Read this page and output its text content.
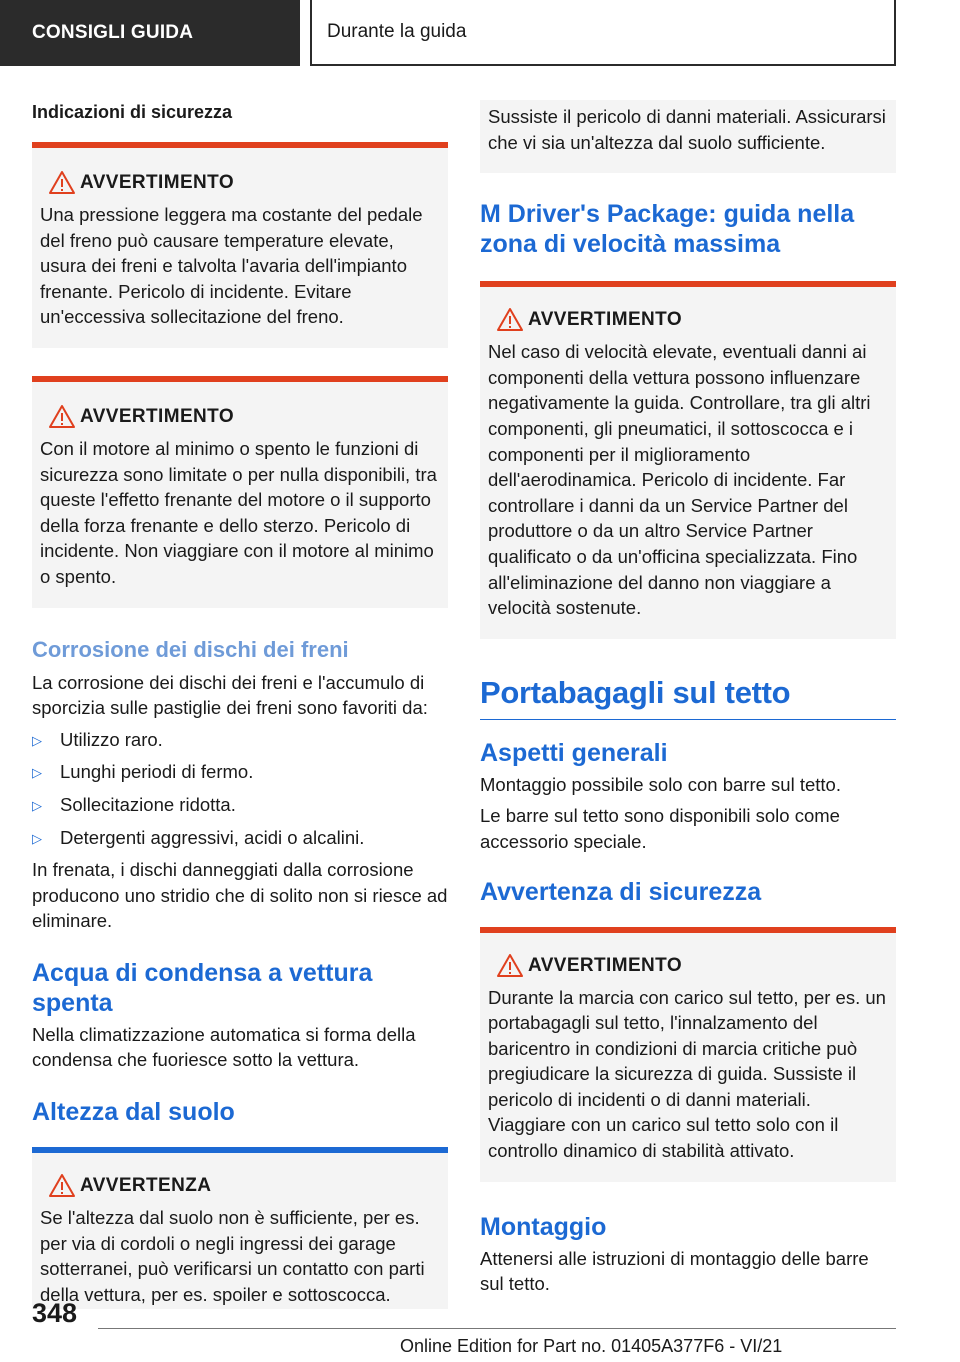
CONSIGLI GUIDA	Durante la guida
Indicazioni di sicurezza
AVVERTIMENTO

Una pressione leggera ma costante del pedale del freno può causare temperature elevate, usura dei freni e talvolta l'avaria dell'impianto frenante. Pericolo di incidente. Evitare un'eccessiva sollecitazione del freno.

AVVERTIMENTO

Con il motore al minimo o spento le funzioni di sicurezza sono limitate o per nulla disponibili, tra queste l'effetto frenante del motore o il supporto della forza frenante e dello sterzo. Pericolo di incidente. Non viaggiare con il motore al minimo o spento.

Corrosione dei dischi dei freni

La corrosione dei dischi dei freni e l'accumulo di sporcizia sulle pastiglie dei freni sono favoriti da:

▷ Utilizzo raro.
▷ Lunghi periodi di fermo.
▷ Sollecitazione ridotta.
▷ Detergenti aggressivi, acidi o alcalini.

In frenata, i dischi danneggiati dalla corrosione producono uno stridio che di solito non si riesce ad eliminare.

Acqua di condensa a vettura spenta

Nella climatizzazione automatica si forma della condensa che fuoriesce sotto la vettura.

Altezza dal suolo
AVVERTENZA

Se l'altezza dal suolo non è sufficiente, per es. per via di cordoli o negli ingressi dei garage sotterranei, può verificarsi un contatto con parti della vettura, per es. spoiler e sottoscocca.

Sussiste il pericolo di danni materiali. Assicurarsi che vi sia un'altezza dal suolo sufficiente.

M Driver's Package: guida nella zona di velocità massima
AVVERTIMENTO

Nel caso di velocità elevate, eventuali danni ai componenti della vettura possono influenzare negativamente la guida. Controllare, tra gli altri componenti, gli pneumatici, il sottoscocca e i componenti per il miglioramento dell'aerodinamica. Pericolo di incidente. Far controllare i danni da un Service Partner del produttore o da un altro Service Partner qualificato o da un'officina specializzata. Fino all'eliminazione del danno non viaggiare a velocità sostenute.

Portabagagli sul tetto
Aspetti generali

Montaggio possibile solo con barre sul tetto.

Le barre sul tetto sono disponibili solo come accessorio speciale.

Avvertenza di sicurezza
AVVERTIMENTO

Durante la marcia con carico sul tetto, per es. un portabagagli sul tetto, l'innalzamento del baricentro in condizioni di marcia critiche può pregiudicare la sicurezza di guida. Sussiste il pericolo di incidenti o di danni materiali. Viaggiare con un carico sul tetto solo con il controllo dinamico di stabilità attivato.

Montaggio

Attenersi alle istruzioni di montaggio delle barre sul tetto.

348
Online Edition for Part no. 01405A377F6 - VI/21
